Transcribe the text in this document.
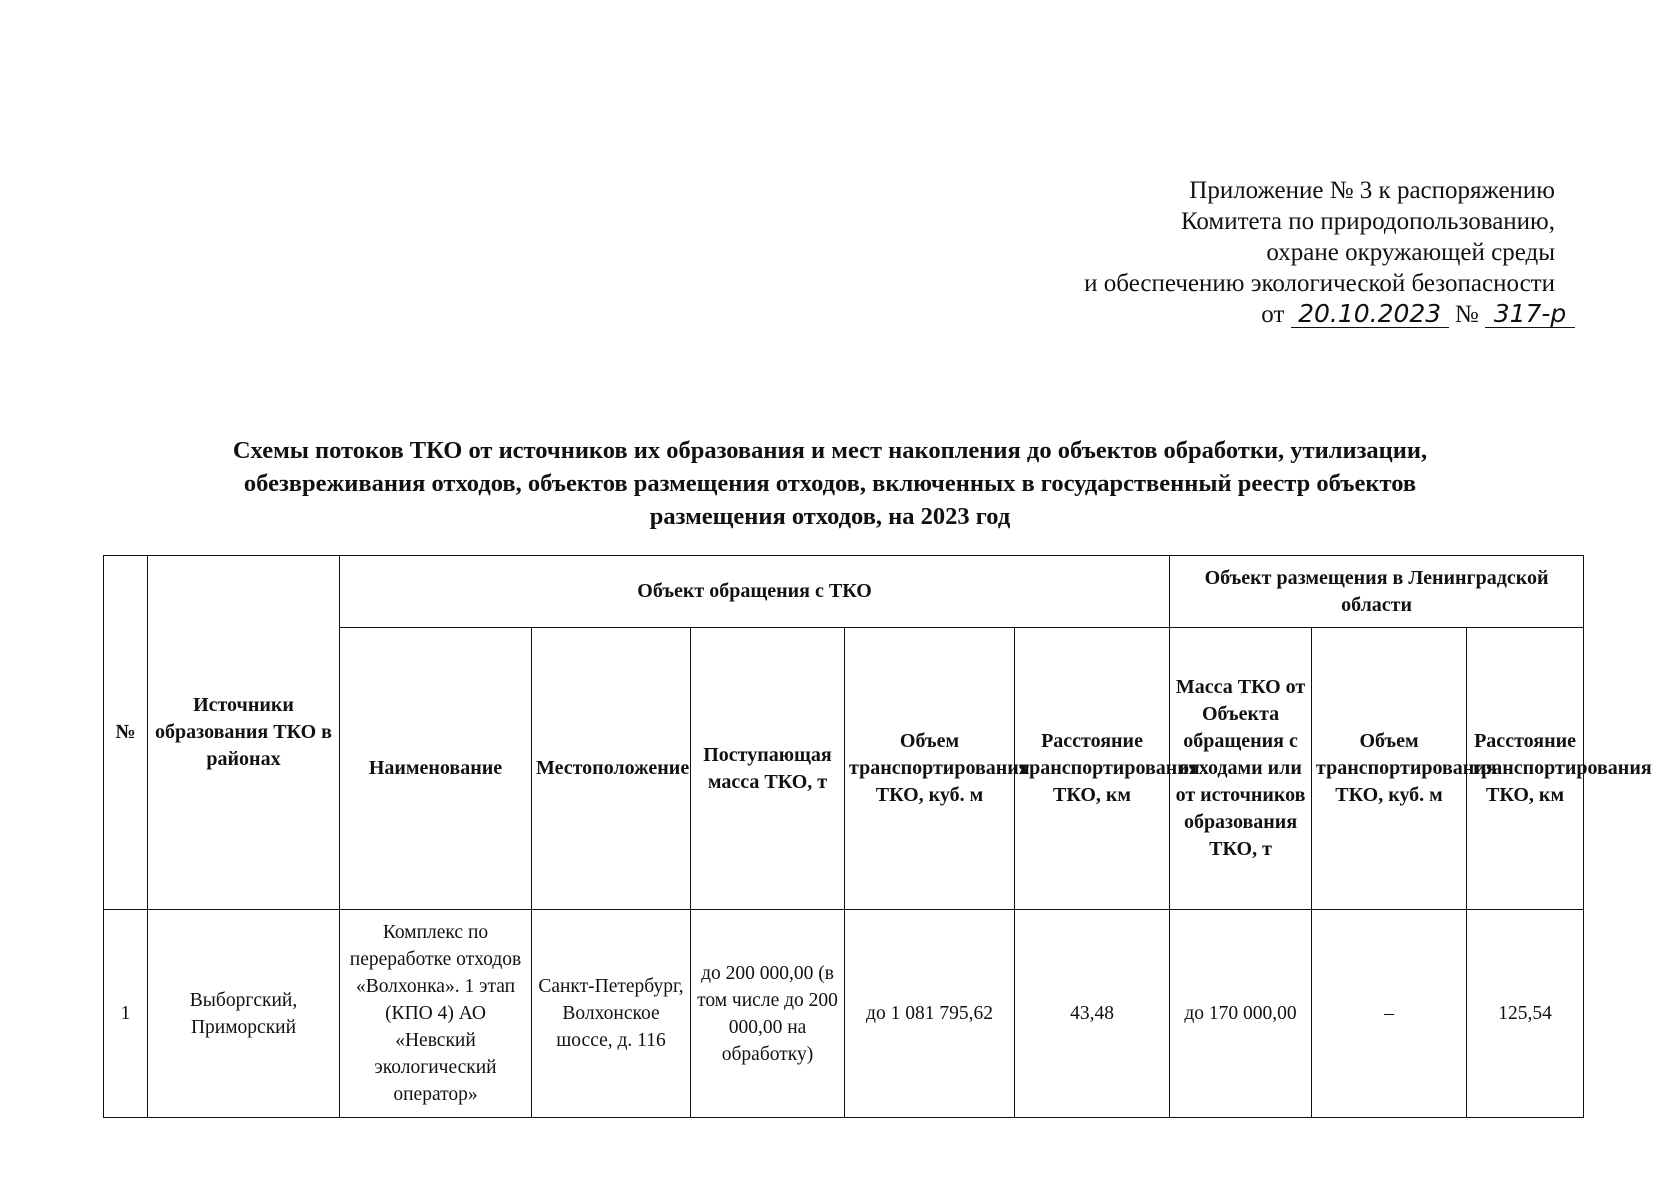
Приложение № 3 к распоряжению
Комитета по природопользованию,
охране окружающей среды
и обеспечению экологической безопасности
от 20.10.2023 № 317-р
Схемы потоков ТКО от источников их образования и мест накопления до объектов обработки, утилизации,
обезвреживания отходов, объектов размещения отходов, включенных в государственный реестр объектов
размещения отходов, на 2023 год
№	Источники образования ТКО в районах	Объект обращения с ТКО					Объект размещения в Ленинградской области		
		Наименование	Местоположение	Поступающая масса ТКО, т	Объем транспортирования ТКО, куб. м	Расстояние транспортирования ТКО, км	Масса ТКО от Объекта обращения с отходами или от источников образования ТКО, т	Объем транспортирования ТКО, куб. м	Расстояние транспортирования ТКО, км
1	Выборгский, Приморский	Комплекс по переработке отходов «Волхонка». 1 этап (КПО 4) АО «Невский экологический оператор»	Санкт-Петербург, Волхонское шоссе, д. 116	до 200 000,00 (в том числе до 200 000,00 на обработку)	до 1 081 795,62	43,48	до 170 000,00	–	125,54
